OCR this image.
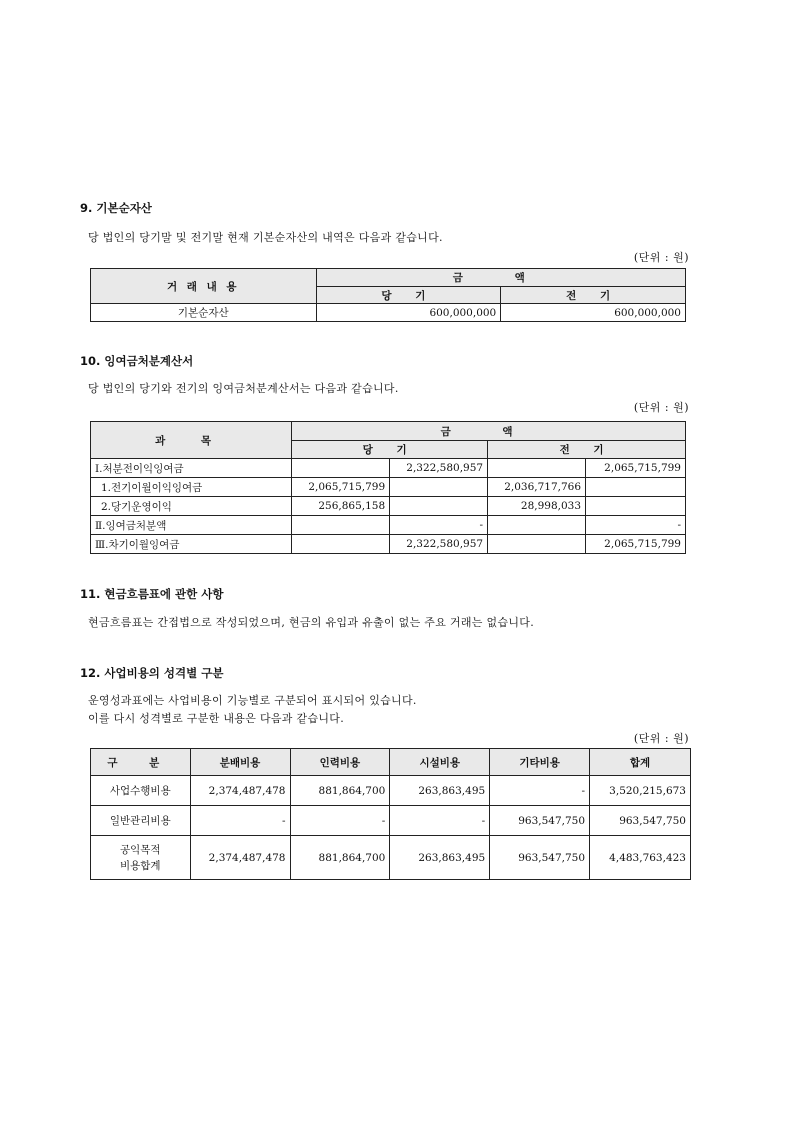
9. 기본순자산

당 법인의 당기말 및 전기말 현재 기본순자산의 내역은 다음과 같습니다.

(단위 : 원)

거 래 내 용	금 액	
	당 기	전 기
기본순자산	600,000,000	600,000,000
10. 잉여금처분계산서

당 법인의 당기와 전기의 잉여금처분계산서는 다음과 같습니다.

(단위 : 원)

과 목	금 액			
	당 기		전 기	
Ⅰ.처분전이익잉여금		2,322,580,957		2,065,715,799
1.전기이월이익잉여금	2,065,715,799		2,036,717,766	
2.당기운영이익	256,865,158		28,998,033	
Ⅱ.잉여금처분액		-		-
Ⅲ.차기이월잉여금		2,322,580,957		2,065,715,799
11. 현금흐름표에 관한 사항

현금흐름표는 간접법으로 작성되었으며, 현금의 유입과 유출이 없는 주요 거래는 없습니다.

12. 사업비용의 성격별 구분

운영성과표에는 사업비용이 기능별로 구분되어 표시되어 있습니다.

이를 다시 성격별로 구분한 내용은 다음과 같습니다.

(단위 : 원)

구 분	분배비용	인력비용	시설비용	기타비용	합계
사업수행비용	2,374,487,478	881,864,700	263,863,495	-	3,520,215,673
일반관리비용	-	-	-	963,547,750	963,547,750
공익목적
비용합계	2,374,487,478	881,864,700	263,863,495	963,547,750	4,483,763,423
